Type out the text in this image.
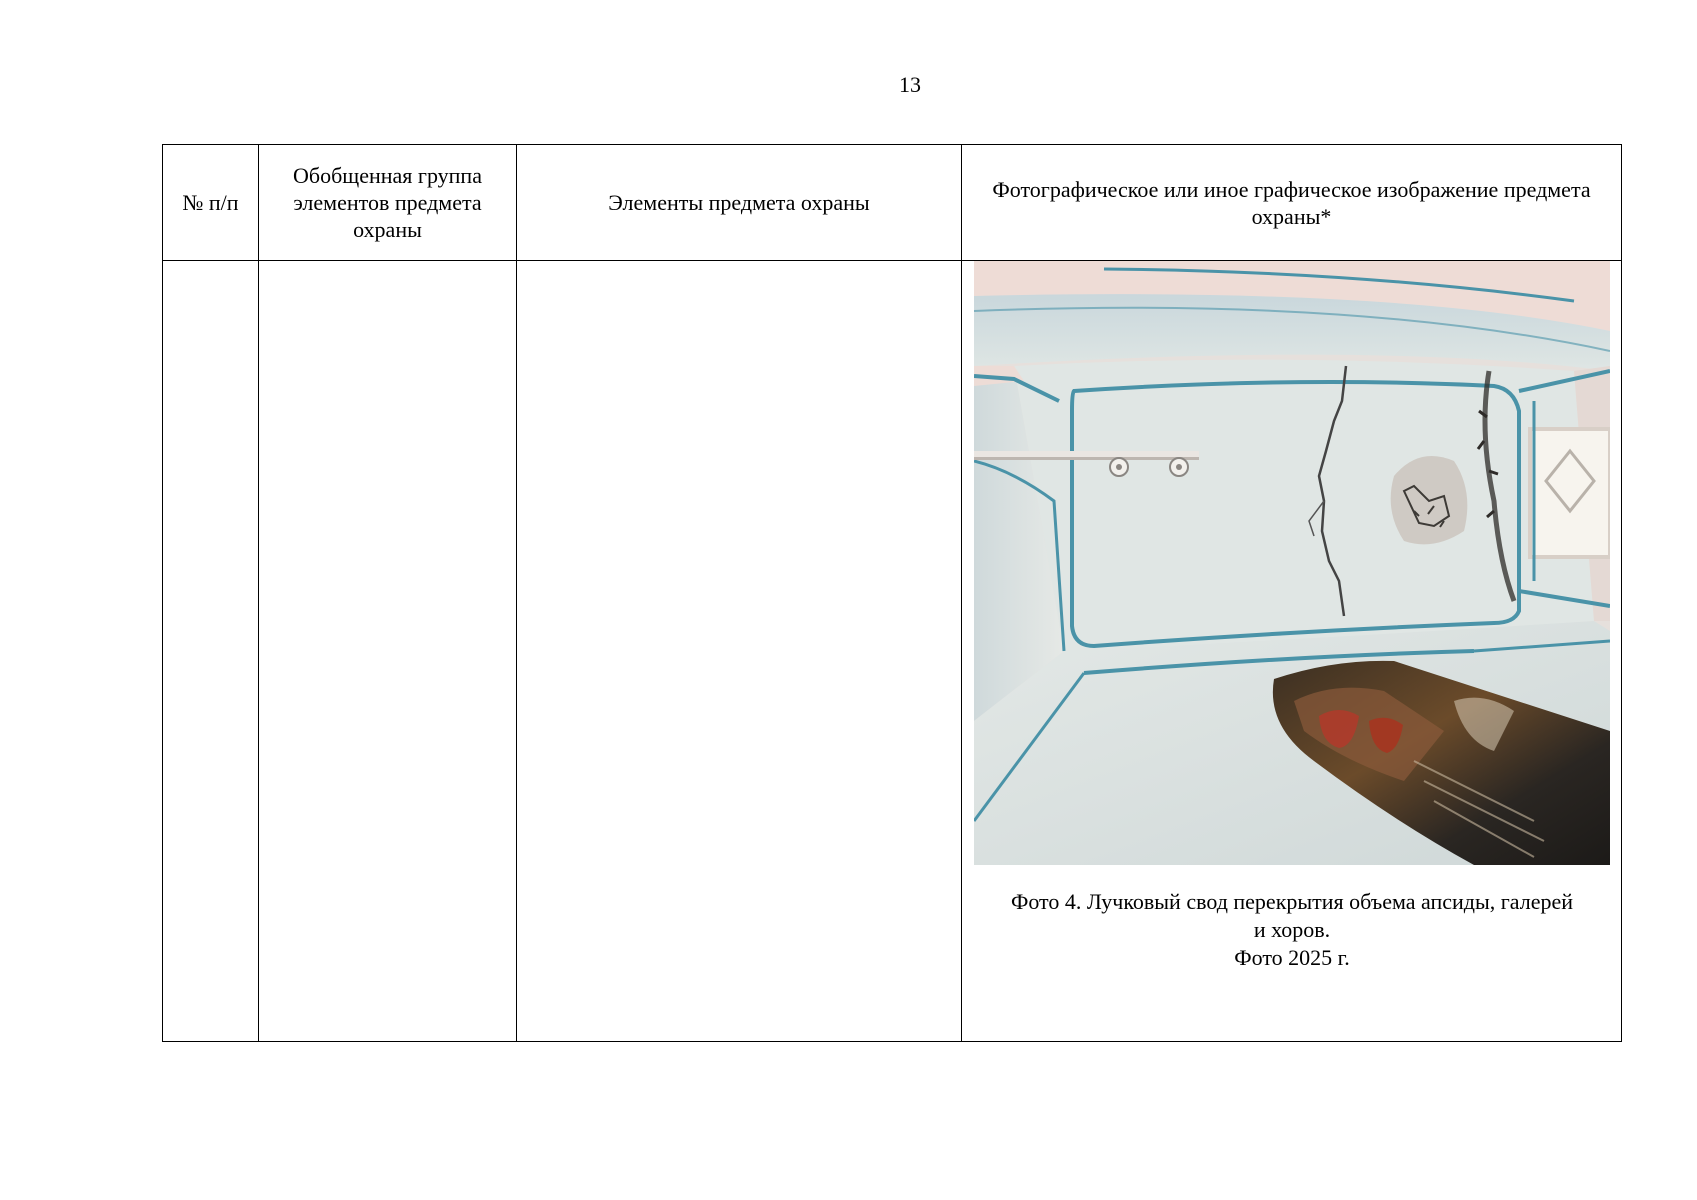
13
№ п/п	Обобщенная группа элементов предмета охраны	Элементы предмета охраны	Фотографическое или иное графическое изображение предмета охраны*

			Фото 4. Лучковый свод перекрытия объема апсиды, галерей
и хоров.
Фото 2025 г.
